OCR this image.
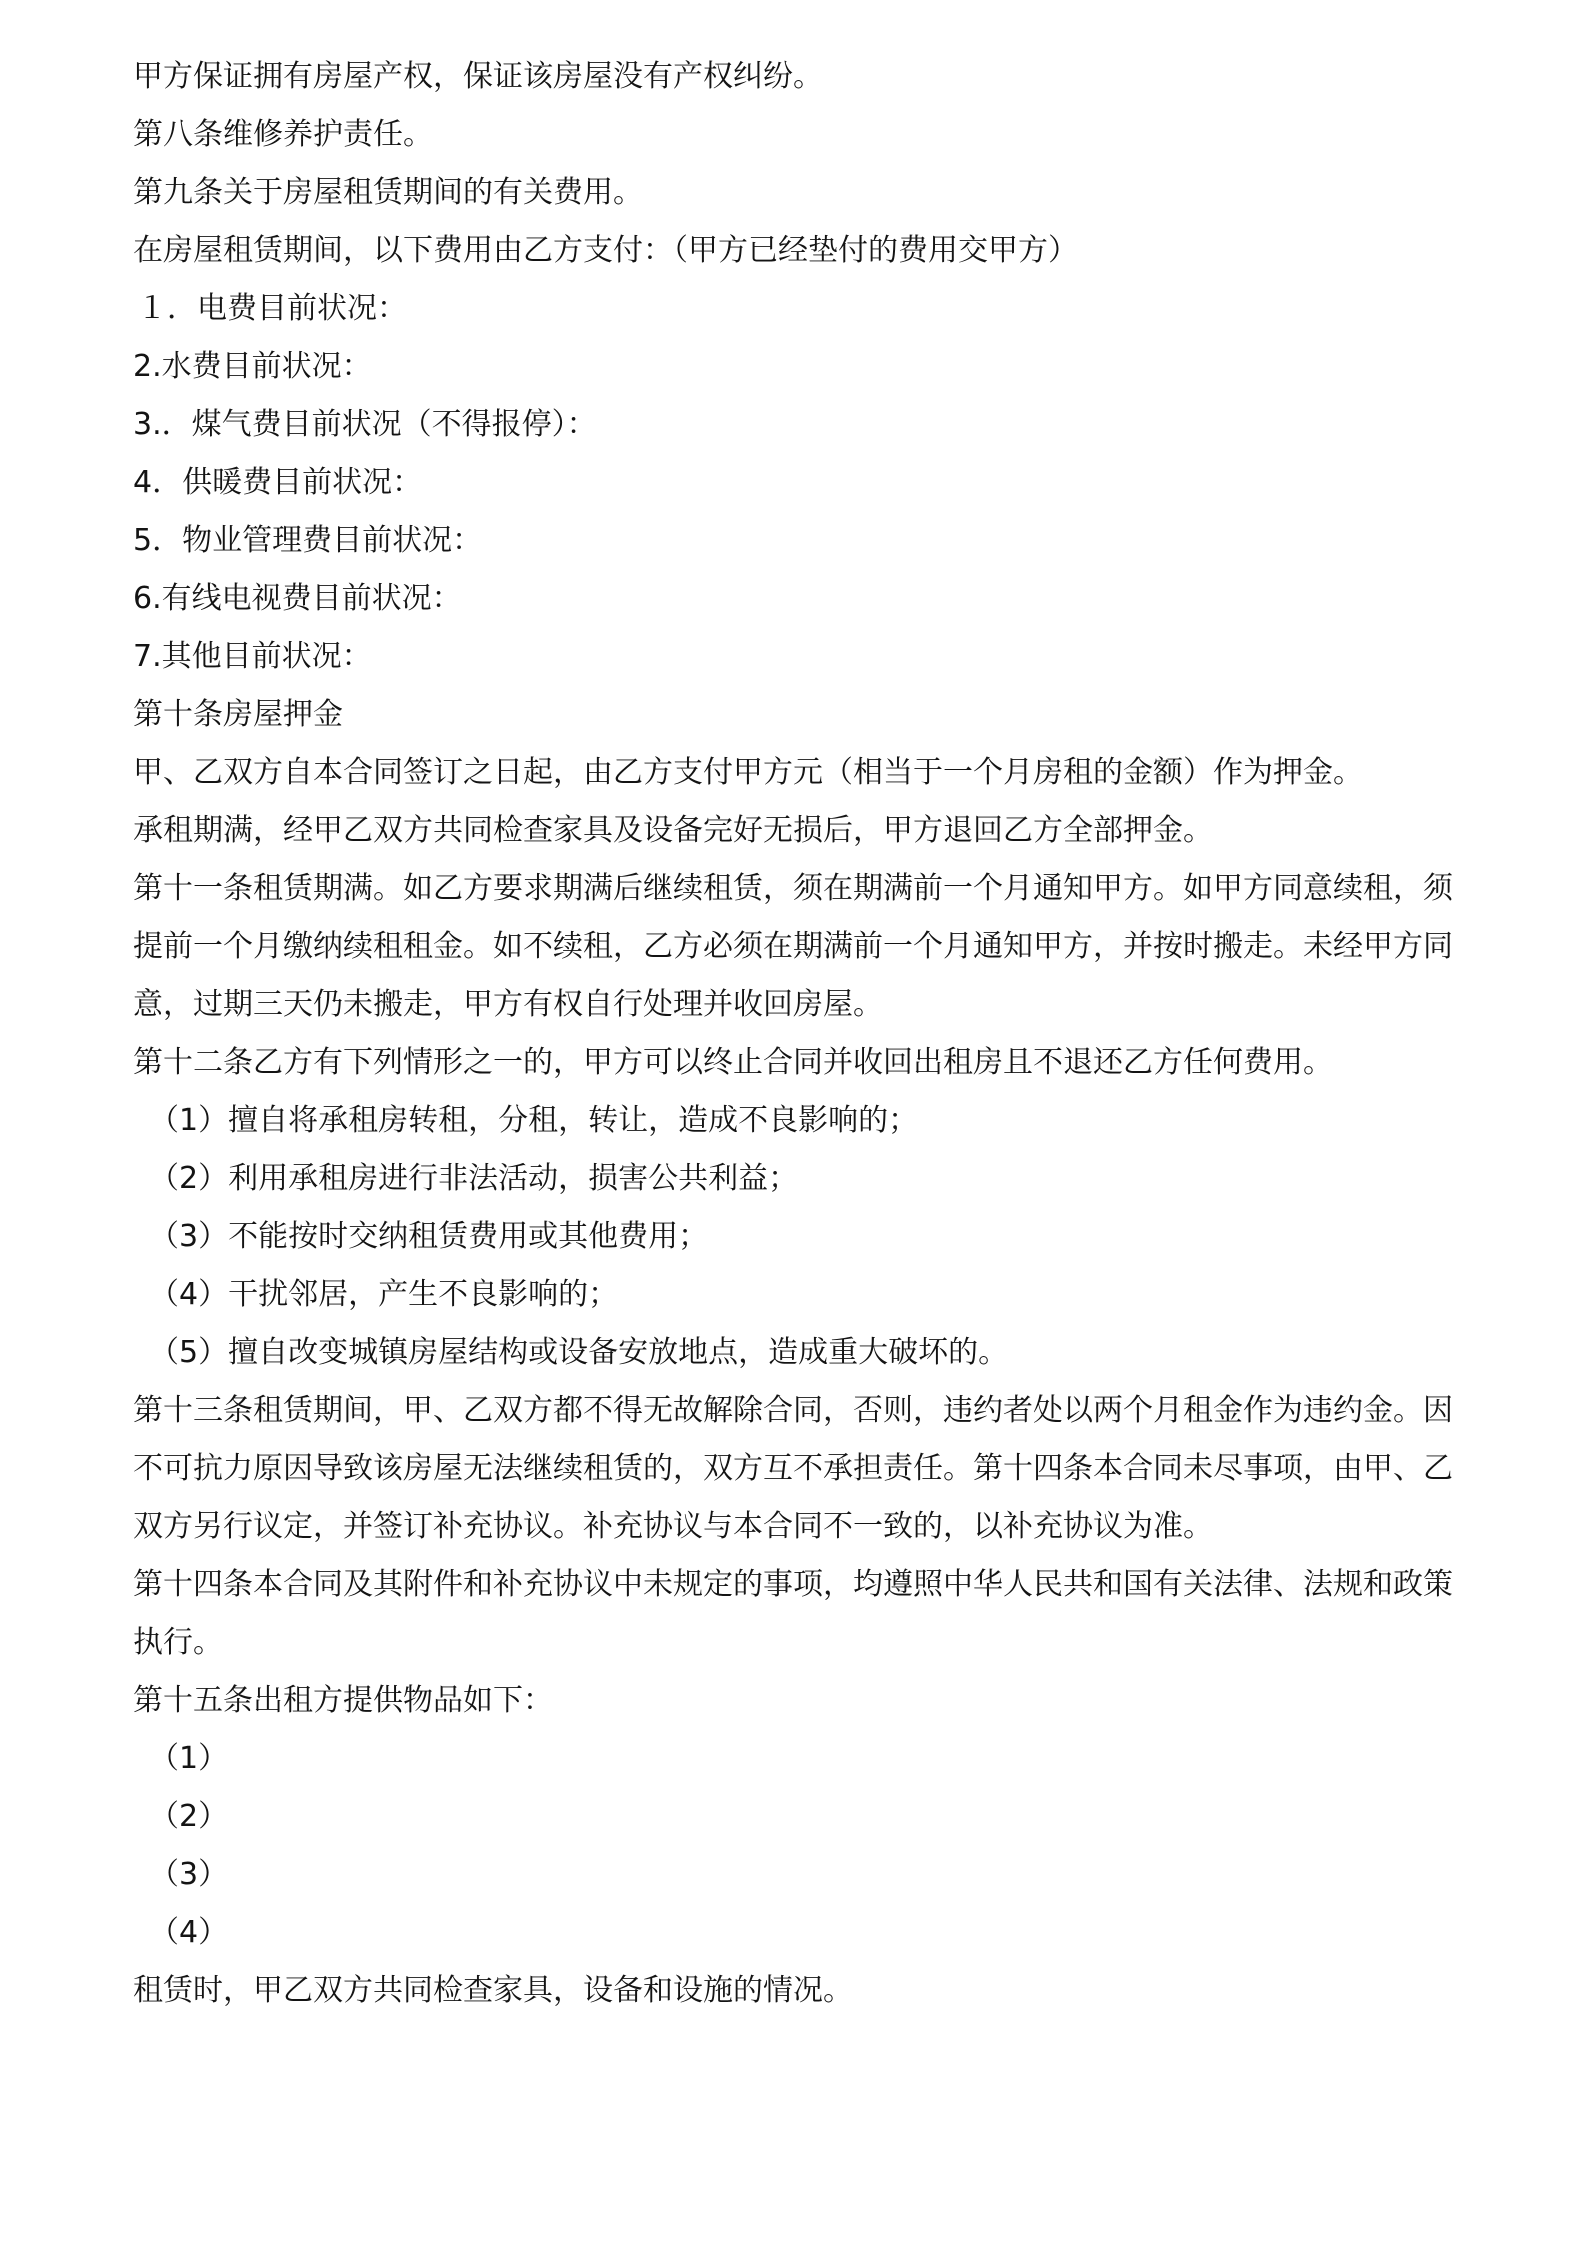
甲方保证拥有房屋产权，保证该房屋没有产权纠纷。

第八条维修养护责任。

第九条关于房屋租赁期间的有关费用。

在房屋租赁期间，以下费用由乙方支付：（甲方已经垫付的费用交甲方）

１．电费目前状况：

2.水费目前状况：

3.．煤气费目前状况（不得报停）：

4．供暖费目前状况：

5．物业管理费目前状况：

6.有线电视费目前状况：

7.其他目前状况：

第十条房屋押金

甲、乙双方自本合同签订之日起，由乙方支付甲方元（相当于一个月房租的金额）作为押金。

承租期满，经甲乙双方共同检查家具及设备完好无损后，甲方退回乙方全部押金。

第十一条租赁期满。如乙方要求期满后继续租赁，须在期满前一个月通知甲方。如甲方同意续租，须提前一个月缴纳续租租金。如不续租，乙方必须在期满前一个月通知甲方，并按时搬走。未经甲方同意，过期三天仍未搬走，甲方有权自行处理并收回房屋。

第十二条乙方有下列情形之一的，甲方可以终止合同并收回出租房且不退还乙方任何费用。

（1）擅自将承租房转租，分租，转让，造成不良影响的；

（2）利用承租房进行非法活动，损害公共利益；

（3）不能按时交纳租赁费用或其他费用；

（4）干扰邻居，产生不良影响的；

（5）擅自改变城镇房屋结构或设备安放地点，造成重大破坏的。

第十三条租赁期间，甲、乙双方都不得无故解除合同，否则，违约者处以两个月租金作为违约金。因不可抗力原因导致该房屋无法继续租赁的，双方互不承担责任。第十四条本合同未尽事项，由甲、乙双方另行议定，并签订补充协议。补充协议与本合同不一致的，以补充协议为准。

第十四条本合同及其附件和补充协议中未规定的事项，均遵照中华人民共和国有关法律、法规和政策执行。

第十五条出租方提供物品如下：

（1）

（2）

（3）

（4）

租赁时，甲乙双方共同检查家具，设备和设施的情况。
